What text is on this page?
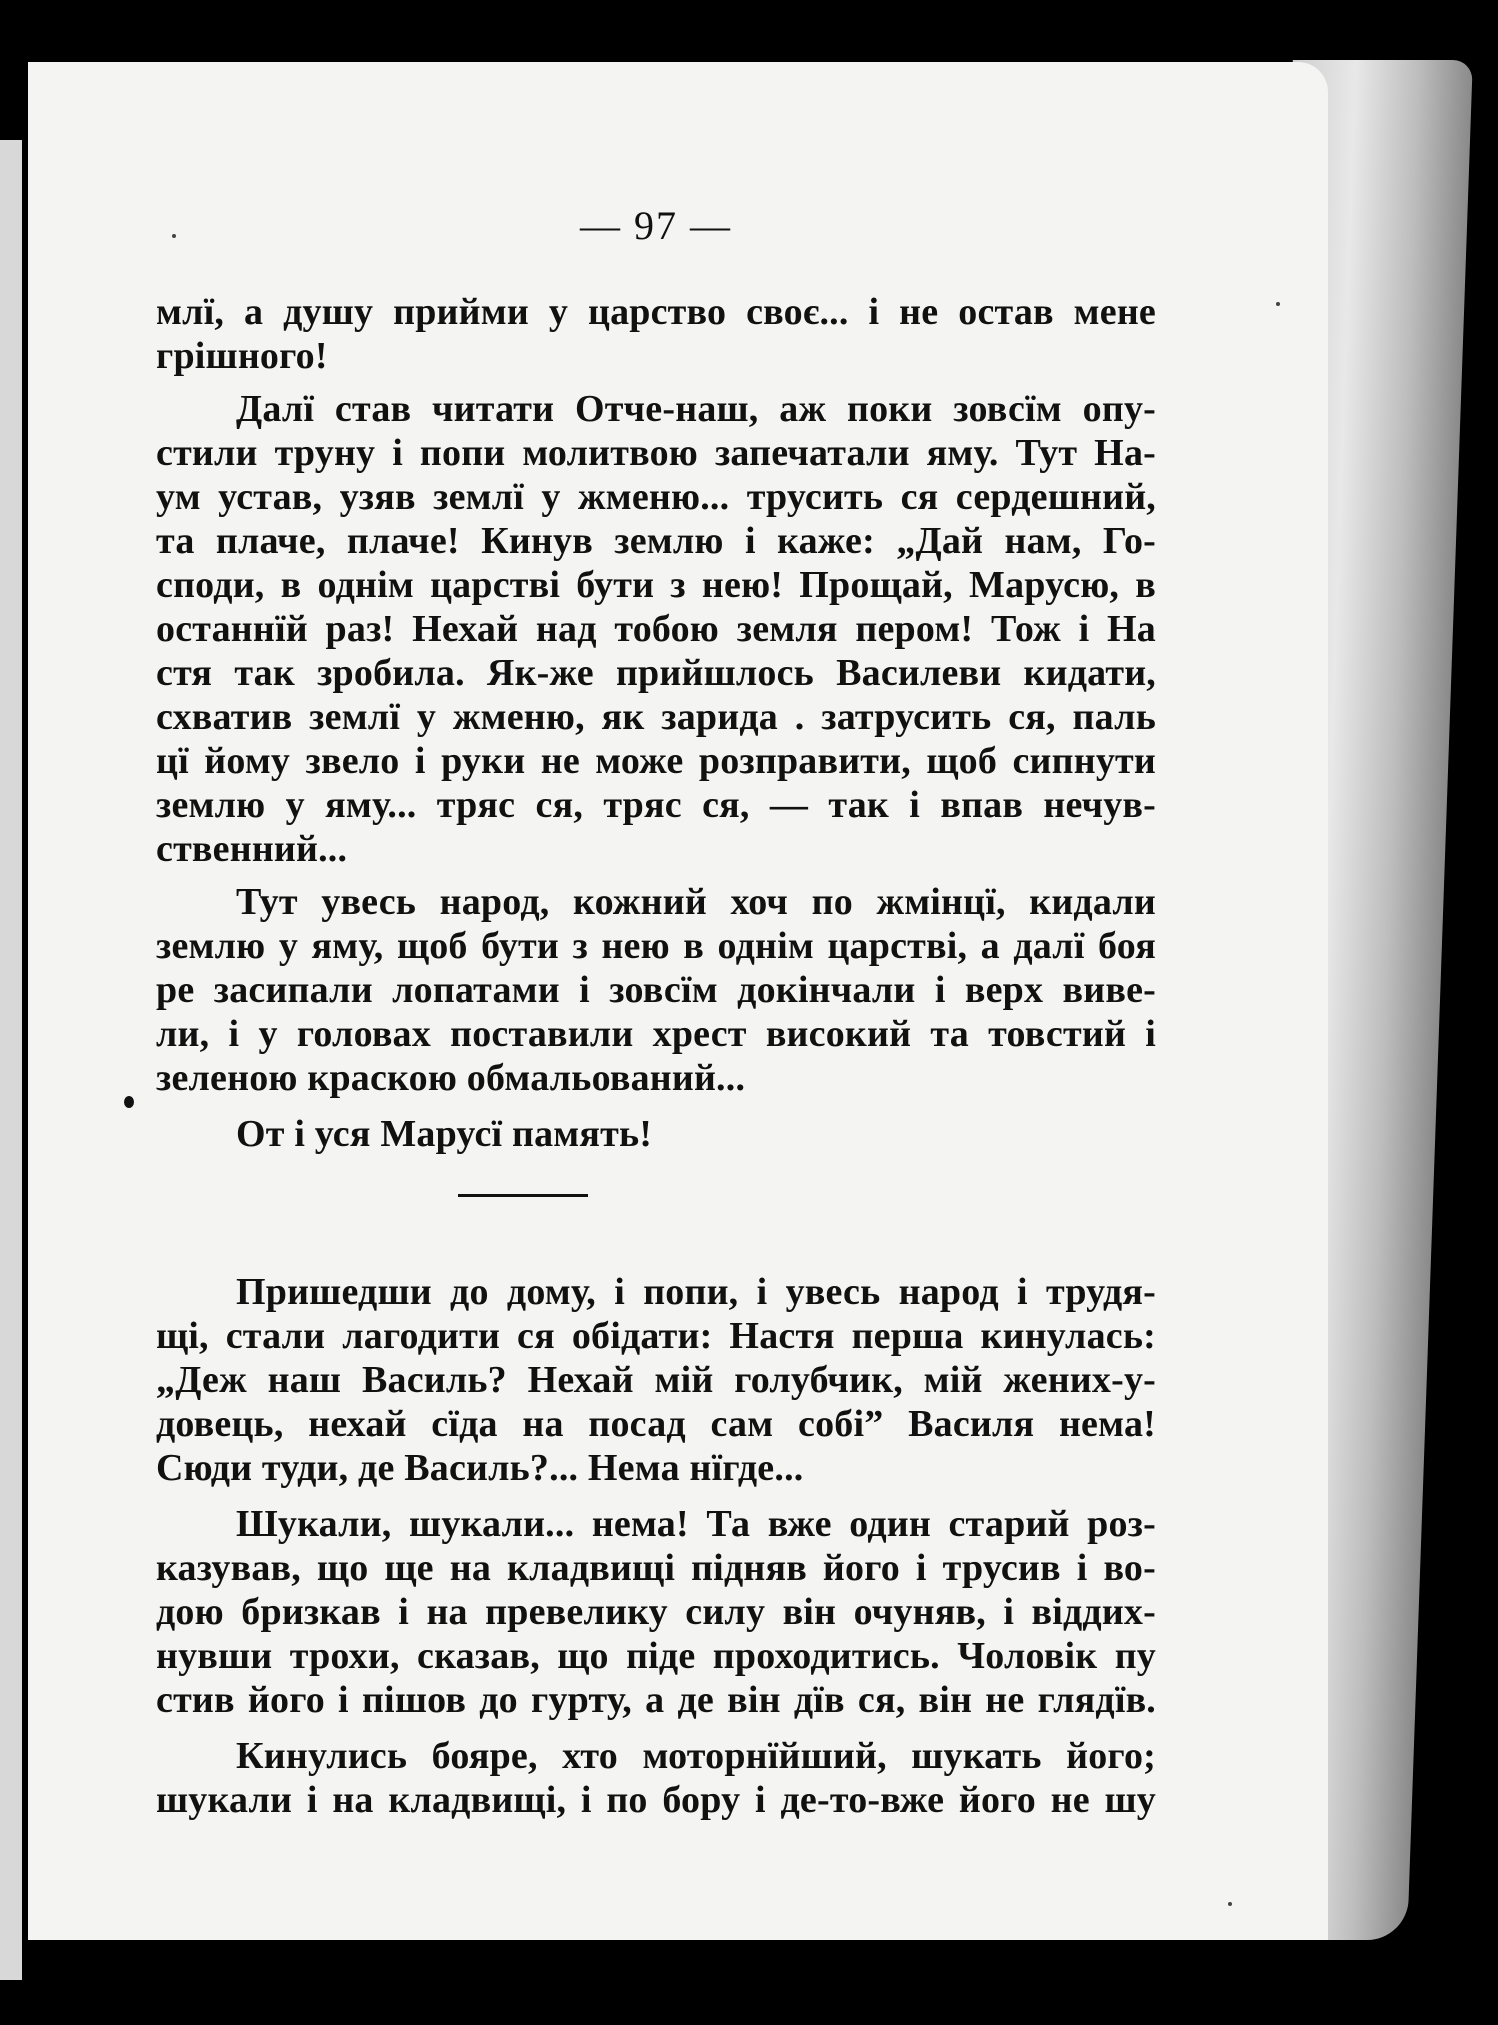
— 97 —
млї, а душу прийми у царство своє... і не остав мене
грішного!
Далї став читати Отче-наш, аж поки зовсїм опу-
стили труну і попи молитвою запечатали яму. Тут На-
ум устав, узяв землї у жменю... трусить ся сердешний,
та плаче, плаче! Кинув землю і каже: „Дай нам, Го-
споди, в однім царстві бути з нею! Прощай, Марусю, в
останнїй раз! Нехай над тобою земля пером! Тож і На
стя так зробила. Як-же прийшлось Василеви кидати,
схватив землї у жменю, як зарида . затрусить ся, паль
цї йому звело і руки не може розправити, щоб сипнути
землю у яму... тряс ся, тряс ся, — так і впав нечув-
ственний...
Тут увесь народ, кожний хоч по жмінцї, кидали
землю у яму, щоб бути з нею в однім царстві, а далї боя
ре засипали лопатами і зовсїм докінчали і верх виве-
ли, і у головах поставили хрест високий та товстий і
зеленою краскою обмальований...
От і уся Марусї память!
Пришедши до дому, і попи, і увесь народ і трудя-
щі, стали лагодити ся обідати: Настя перша кинулась:
„Деж наш Василь? Нехай мій голубчик, мій жених-у-
довець, нехай сїда на посад сам собі” Василя нема!
Сюди туди, де Василь?... Нема нїгде...
Шукали, шукали... нема! Та вже один старий роз-
казував, що ще на кладвищі підняв його і трусив і во-
дою бризкав і на превелику силу він очуняв, і віддих-
нувши трохи, сказав, що піде проходитись. Чоловік пу
стив його і пішов до гурту, а де він дїв ся, він не глядїв.
Кинулись бояре, хто моторнїйший, шукать його;
шукали і на кладвищі, і по бору і де-то-вже його не шу
